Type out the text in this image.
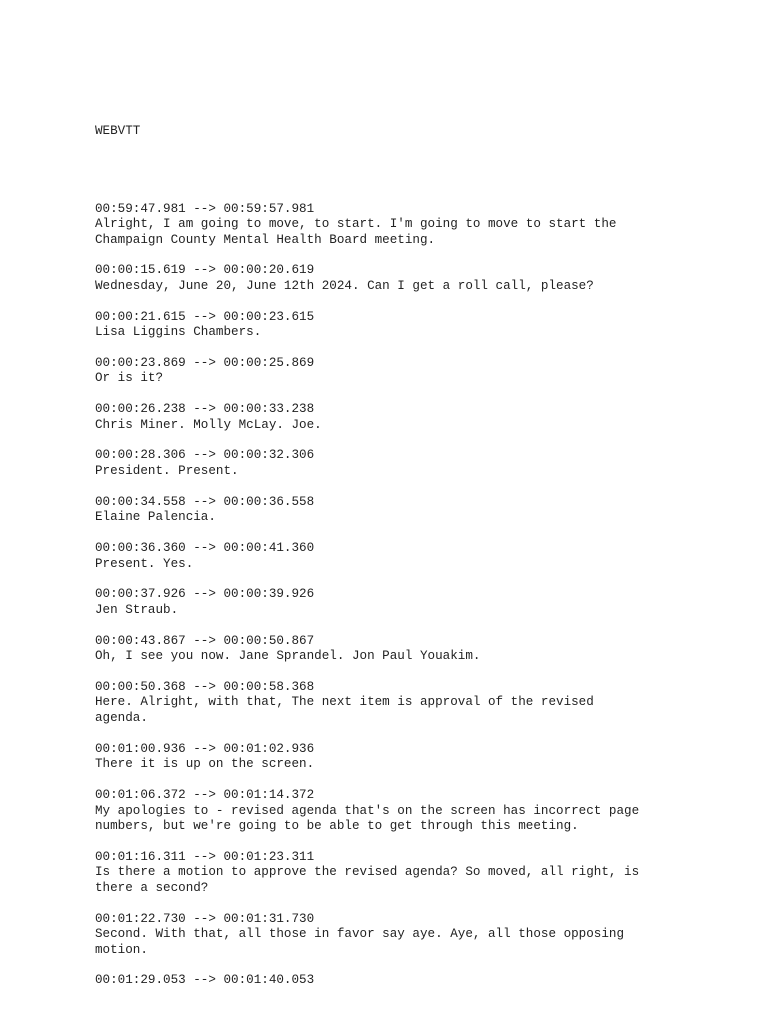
WEBVTT

00:59:47.981 --> 00:59:57.981
Alright, I am going to move, to start. I'm going to move to start the
Champaign County Mental Health Board meeting.
00:00:15.619 --> 00:00:20.619
Wednesday, June 20, June 12th 2024. Can I get a roll call, please?
00:00:21.615 --> 00:00:23.615
Lisa Liggins Chambers.
00:00:23.869 --> 00:00:25.869
Or is it?
00:00:26.238 --> 00:00:33.238
Chris Miner. Molly McLay. Joe.
00:00:28.306 --> 00:00:32.306
President. Present.
00:00:34.558 --> 00:00:36.558
Elaine Palencia.
00:00:36.360 --> 00:00:41.360
Present. Yes.
00:00:37.926 --> 00:00:39.926
Jen Straub.
00:00:43.867 --> 00:00:50.867
Oh, I see you now. Jane Sprandel. Jon Paul Youakim.
00:00:50.368 --> 00:00:58.368
Here. Alright, with that, The next item is approval of the revised
agenda.
00:01:00.936 --> 00:01:02.936
There it is up on the screen.
00:01:06.372 --> 00:01:14.372
My apologies to - revised agenda that's on the screen has incorrect page
numbers, but we're going to be able to get through this meeting.
00:01:16.311 --> 00:01:23.311
Is there a motion to approve the revised agenda? So moved, all right, is
there a second?
00:01:22.730 --> 00:01:31.730
Second. With that, all those in favor say aye. Aye, all those opposing
motion.
00:01:29.053 --> 00:01:40.053
